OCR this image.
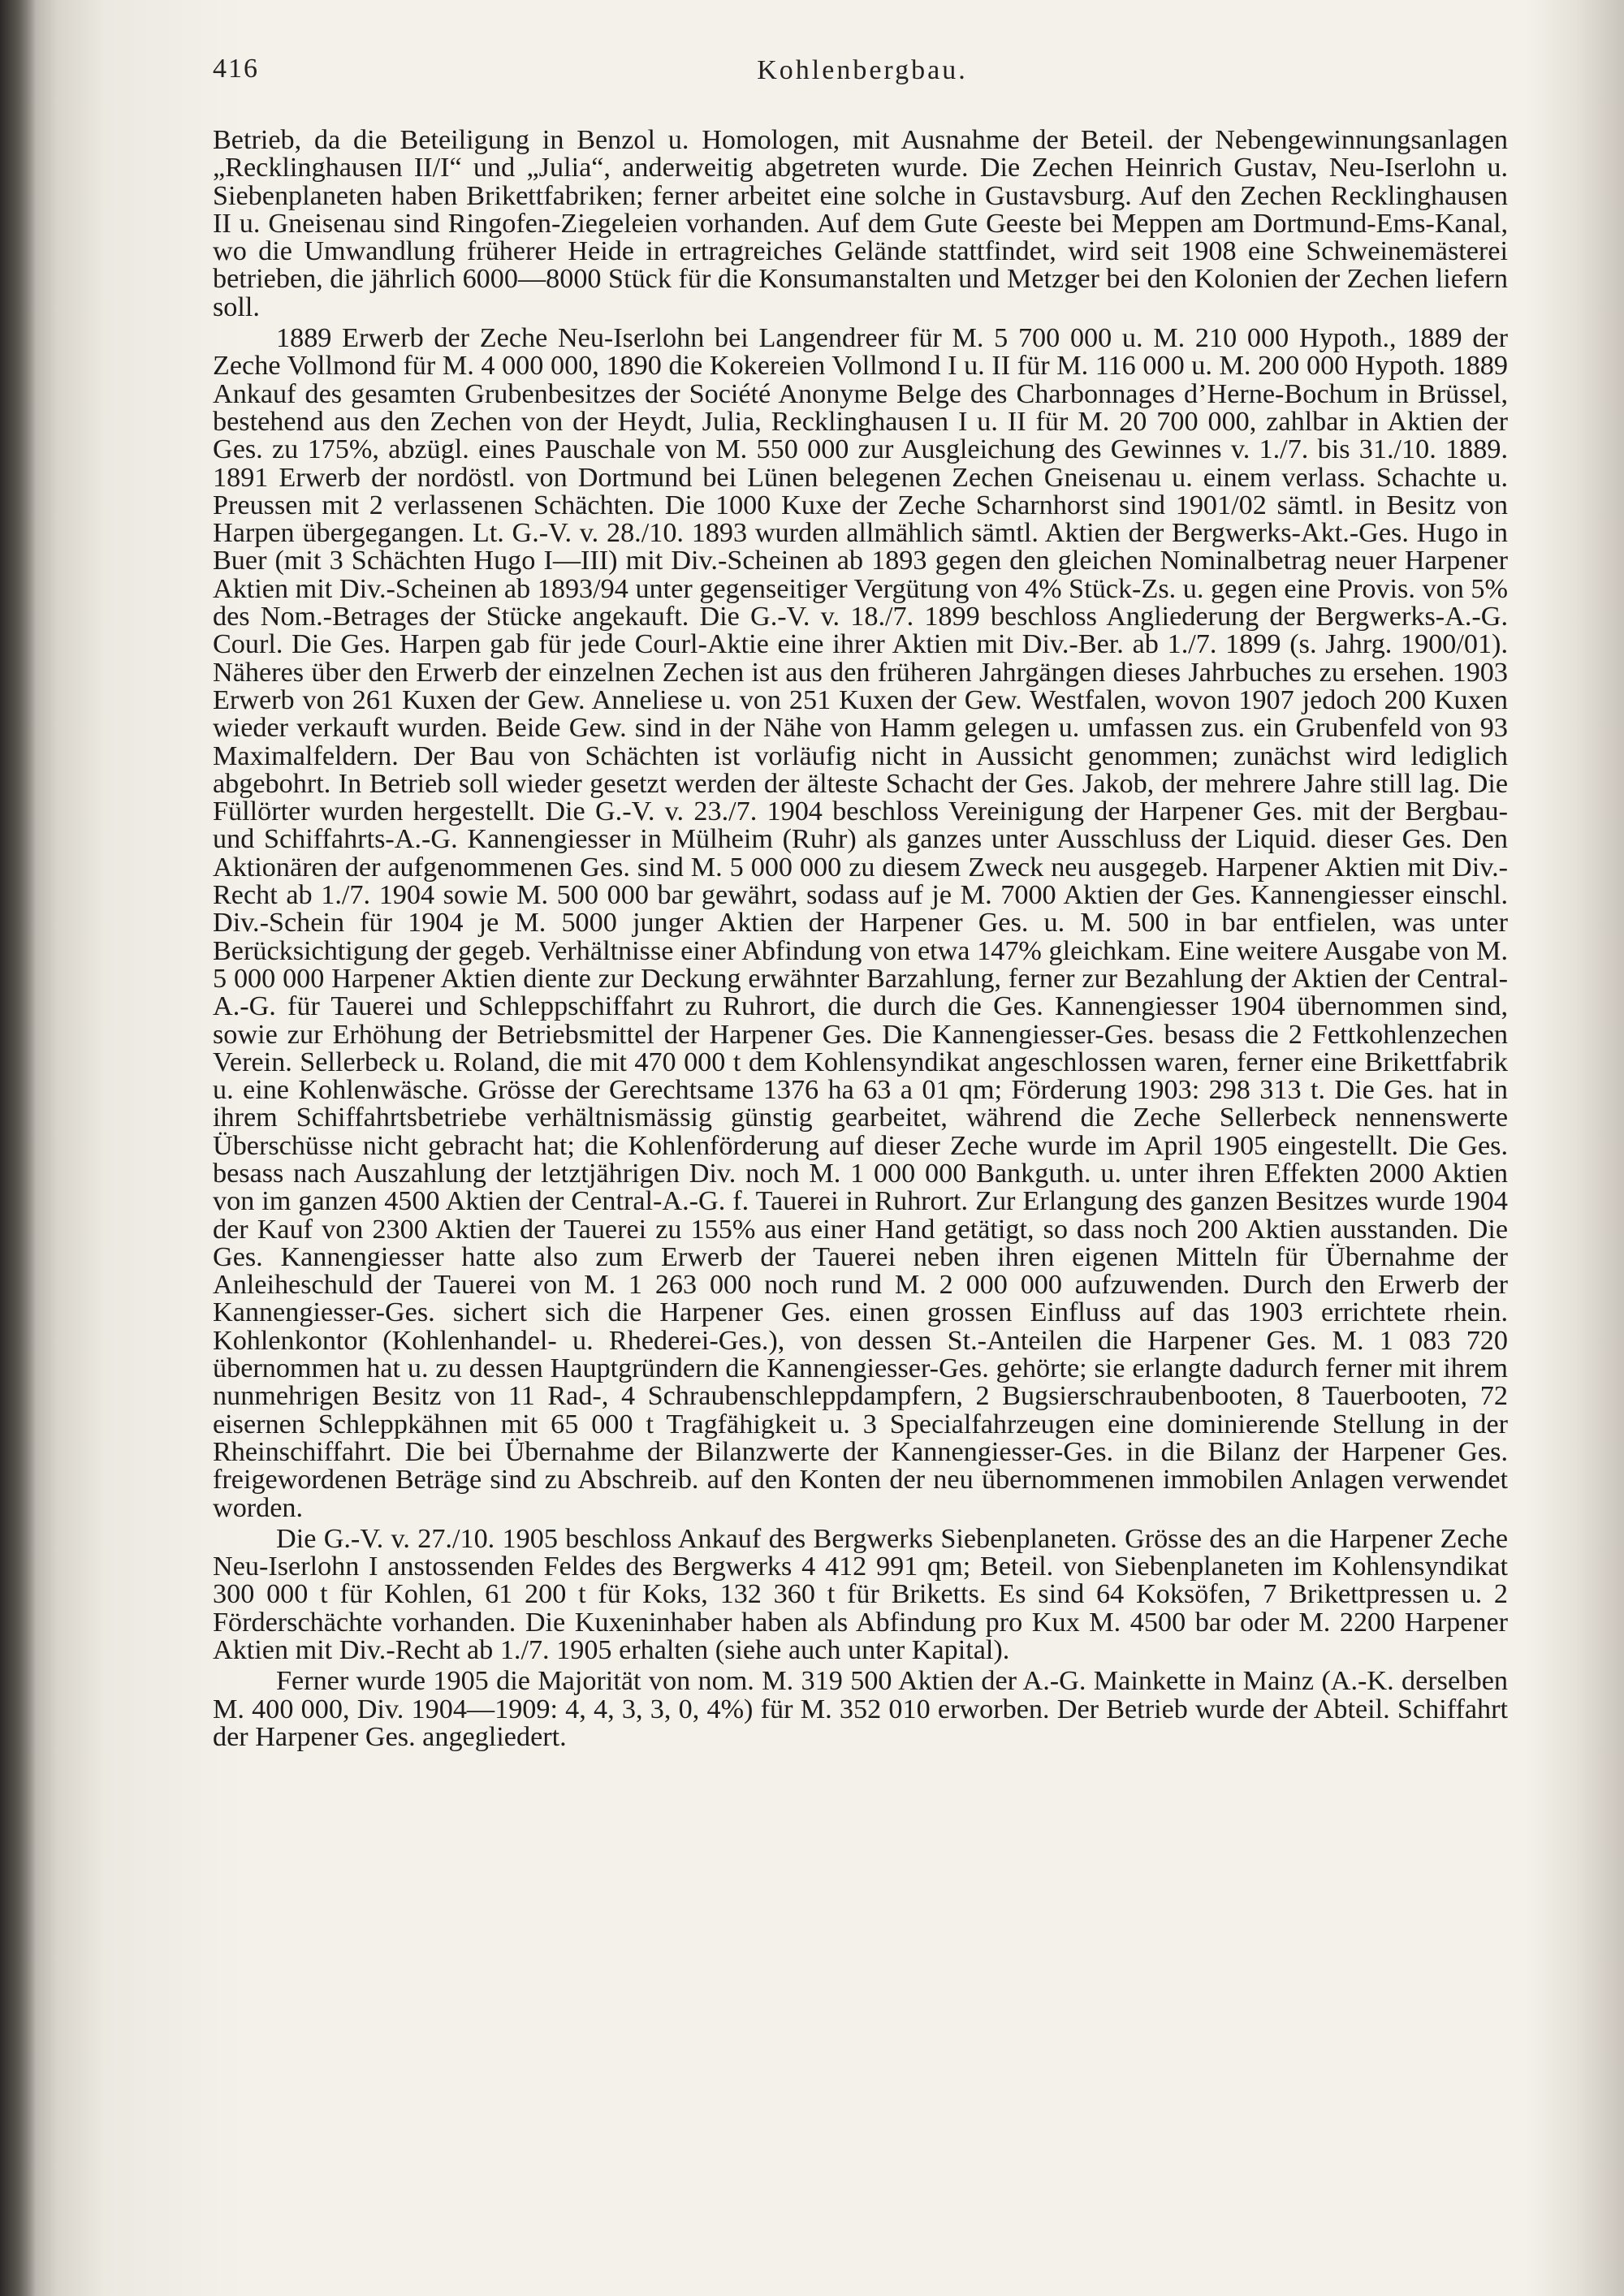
416	Kohlenbergbau.

Betrieb, da die Beteiligung in Benzol u. Homologen, mit Ausnahme der Beteil. der Nebengewinnungsanlagen „Recklinghausen II/I“ und „Julia“, anderweitig abgetreten wurde. Die Zechen Heinrich Gustav, Neu-Iserlohn u. Siebenplaneten haben Brikettfabriken; ferner arbeitet eine solche in Gustavsburg. Auf den Zechen Recklinghausen II u. Gneisenau sind Ringofen-Ziegeleien vorhanden. Auf dem Gute Geeste bei Meppen am Dortmund-Ems-Kanal, wo die Umwandlung früherer Heide in ertragreiches Gelände stattfindet, wird seit 1908 eine Schweinemästerei betrieben, die jährlich 6000—8000 Stück für die Konsumanstalten und Metzger bei den Kolonien der Zechen liefern soll.

1889 Erwerb der Zeche Neu-Iserlohn bei Langendreer für M. 5 700 000 u. M. 210 000 Hypoth., 1889 der Zeche Vollmond für M. 4 000 000, 1890 die Kokereien Vollmond I u. II für M. 116 000 u. M. 200 000 Hypoth. 1889 Ankauf des gesamten Grubenbesitzes der Société Anonyme Belge des Charbonnages d’Herne-Bochum in Brüssel, bestehend aus den Zechen von der Heydt, Julia, Recklinghausen I u. II für M. 20 700 000, zahlbar in Aktien der Ges. zu 175%, abzügl. eines Pauschale von M. 550 000 zur Ausgleichung des Gewinnes v. 1./7. bis 31./10. 1889. 1891 Erwerb der nordöstl. von Dortmund bei Lünen belegenen Zechen Gneisenau u. einem verlass. Schachte u. Preussen mit 2 verlassenen Schächten. Die 1000 Kuxe der Zeche Scharnhorst sind 1901/02 sämtl. in Besitz von Harpen übergegangen. Lt. G.-V. v. 28./10. 1893 wurden allmählich sämtl. Aktien der Bergwerks-Akt.-Ges. Hugo in Buer (mit 3 Schächten Hugo I—III) mit Div.-Scheinen ab 1893 gegen den gleichen Nominalbetrag neuer Harpener Aktien mit Div.-Scheinen ab 1893/94 unter gegenseitiger Vergütung von 4% Stück-Zs. u. gegen eine Provis. von 5% des Nom.-Betrages der Stücke angekauft. Die G.-V. v. 18./7. 1899 beschloss Angliederung der Bergwerks-A.-G. Courl. Die Ges. Harpen gab für jede Courl-Aktie eine ihrer Aktien mit Div.-Ber. ab 1./7. 1899 (s. Jahrg. 1900/01). Näheres über den Erwerb der einzelnen Zechen ist aus den früheren Jahrgängen dieses Jahrbuches zu ersehen. 1903 Erwerb von 261 Kuxen der Gew. Anneliese u. von 251 Kuxen der Gew. Westfalen, wovon 1907 jedoch 200 Kuxen wieder verkauft wurden. Beide Gew. sind in der Nähe von Hamm gelegen u. umfassen zus. ein Grubenfeld von 93 Maximalfeldern. Der Bau von Schächten ist vorläufig nicht in Aussicht genommen; zunächst wird lediglich abgebohrt. In Betrieb soll wieder gesetzt werden der älteste Schacht der Ges. Jakob, der mehrere Jahre still lag. Die Füllörter wurden hergestellt. Die G.-V. v. 23./7. 1904 beschloss Vereinigung der Harpener Ges. mit der Bergbau- und Schiffahrts-A.-G. Kannengiesser in Mülheim (Ruhr) als ganzes unter Ausschluss der Liquid. dieser Ges. Den Aktionären der aufgenommenen Ges. sind M. 5 000 000 zu diesem Zweck neu ausgegeb. Harpener Aktien mit Div.-Recht ab 1./7. 1904 sowie M. 500 000 bar gewährt, sodass auf je M. 7000 Aktien der Ges. Kannengiesser einschl. Div.-Schein für 1904 je M. 5000 junger Aktien der Harpener Ges. u. M. 500 in bar entfielen, was unter Berücksichtigung der gegeb. Verhältnisse einer Abfindung von etwa 147% gleichkam. Eine weitere Ausgabe von M. 5 000 000 Harpener Aktien diente zur Deckung erwähnter Barzahlung, ferner zur Bezahlung der Aktien der Central-A.-G. für Tauerei und Schleppschiffahrt zu Ruhrort, die durch die Ges. Kannengiesser 1904 übernommen sind, sowie zur Erhöhung der Betriebsmittel der Harpener Ges. Die Kannengiesser-Ges. besass die 2 Fettkohlenzechen Verein. Sellerbeck u. Roland, die mit 470 000 t dem Kohlensyndikat angeschlossen waren, ferner eine Brikettfabrik u. eine Kohlenwäsche. Grösse der Gerechtsame 1376 ha 63 a 01 qm; Förderung 1903: 298 313 t. Die Ges. hat in ihrem Schiffahrtsbetriebe verhältnismässig günstig gearbeitet, während die Zeche Sellerbeck nennenswerte Überschüsse nicht gebracht hat; die Kohlenförderung auf dieser Zeche wurde im April 1905 eingestellt. Die Ges. besass nach Auszahlung der letztjährigen Div. noch M. 1 000 000 Bankguth. u. unter ihren Effekten 2000 Aktien von im ganzen 4500 Aktien der Central-A.-G. f. Tauerei in Ruhrort. Zur Erlangung des ganzen Besitzes wurde 1904 der Kauf von 2300 Aktien der Tauerei zu 155% aus einer Hand getätigt, so dass noch 200 Aktien ausstanden. Die Ges. Kannengiesser hatte also zum Erwerb der Tauerei neben ihren eigenen Mitteln für Übernahme der Anleiheschuld der Tauerei von M. 1 263 000 noch rund M. 2 000 000 aufzuwenden. Durch den Erwerb der Kannengiesser-Ges. sichert sich die Harpener Ges. einen grossen Einfluss auf das 1903 errichtete rhein. Kohlenkontor (Kohlenhandel- u. Rhederei-Ges.), von dessen St.-Anteilen die Harpener Ges. M. 1 083 720 übernommen hat u. zu dessen Hauptgründern die Kannengiesser-Ges. gehörte; sie erlangte dadurch ferner mit ihrem nunmehrigen Besitz von 11 Rad-, 4 Schraubenschleppdampfern, 2 Bugsierschraubenbooten, 8 Tauerbooten, 72 eisernen Schleppkähnen mit 65 000 t Tragfähigkeit u. 3 Specialfahrzeugen eine dominierende Stellung in der Rheinschiffahrt. Die bei Übernahme der Bilanzwerte der Kannengiesser-Ges. in die Bilanz der Harpener Ges. freigewordenen Beträge sind zu Abschreib. auf den Konten der neu übernommenen immobilen Anlagen verwendet worden.

Die G.-V. v. 27./10. 1905 beschloss Ankauf des Bergwerks Siebenplaneten. Grösse des an die Harpener Zeche Neu-Iserlohn I anstossenden Feldes des Bergwerks 4 412 991 qm; Beteil. von Siebenplaneten im Kohlensyndikat 300 000 t für Kohlen, 61 200 t für Koks, 132 360 t für Briketts. Es sind 64 Koksöfen, 7 Brikettpressen u. 2 Förderschächte vorhanden. Die Kuxeninhaber haben als Abfindung pro Kux M. 4500 bar oder M. 2200 Harpener Aktien mit Div.-Recht ab 1./7. 1905 erhalten (siehe auch unter Kapital).

Ferner wurde 1905 die Majorität von nom. M. 319 500 Aktien der A.-G. Mainkette in Mainz (A.-K. derselben M. 400 000, Div. 1904—1909: 4, 4, 3, 3, 0, 4%) für M. 352 010 erworben. Der Betrieb wurde der Abteil. Schiffahrt der Harpener Ges. angegliedert.
